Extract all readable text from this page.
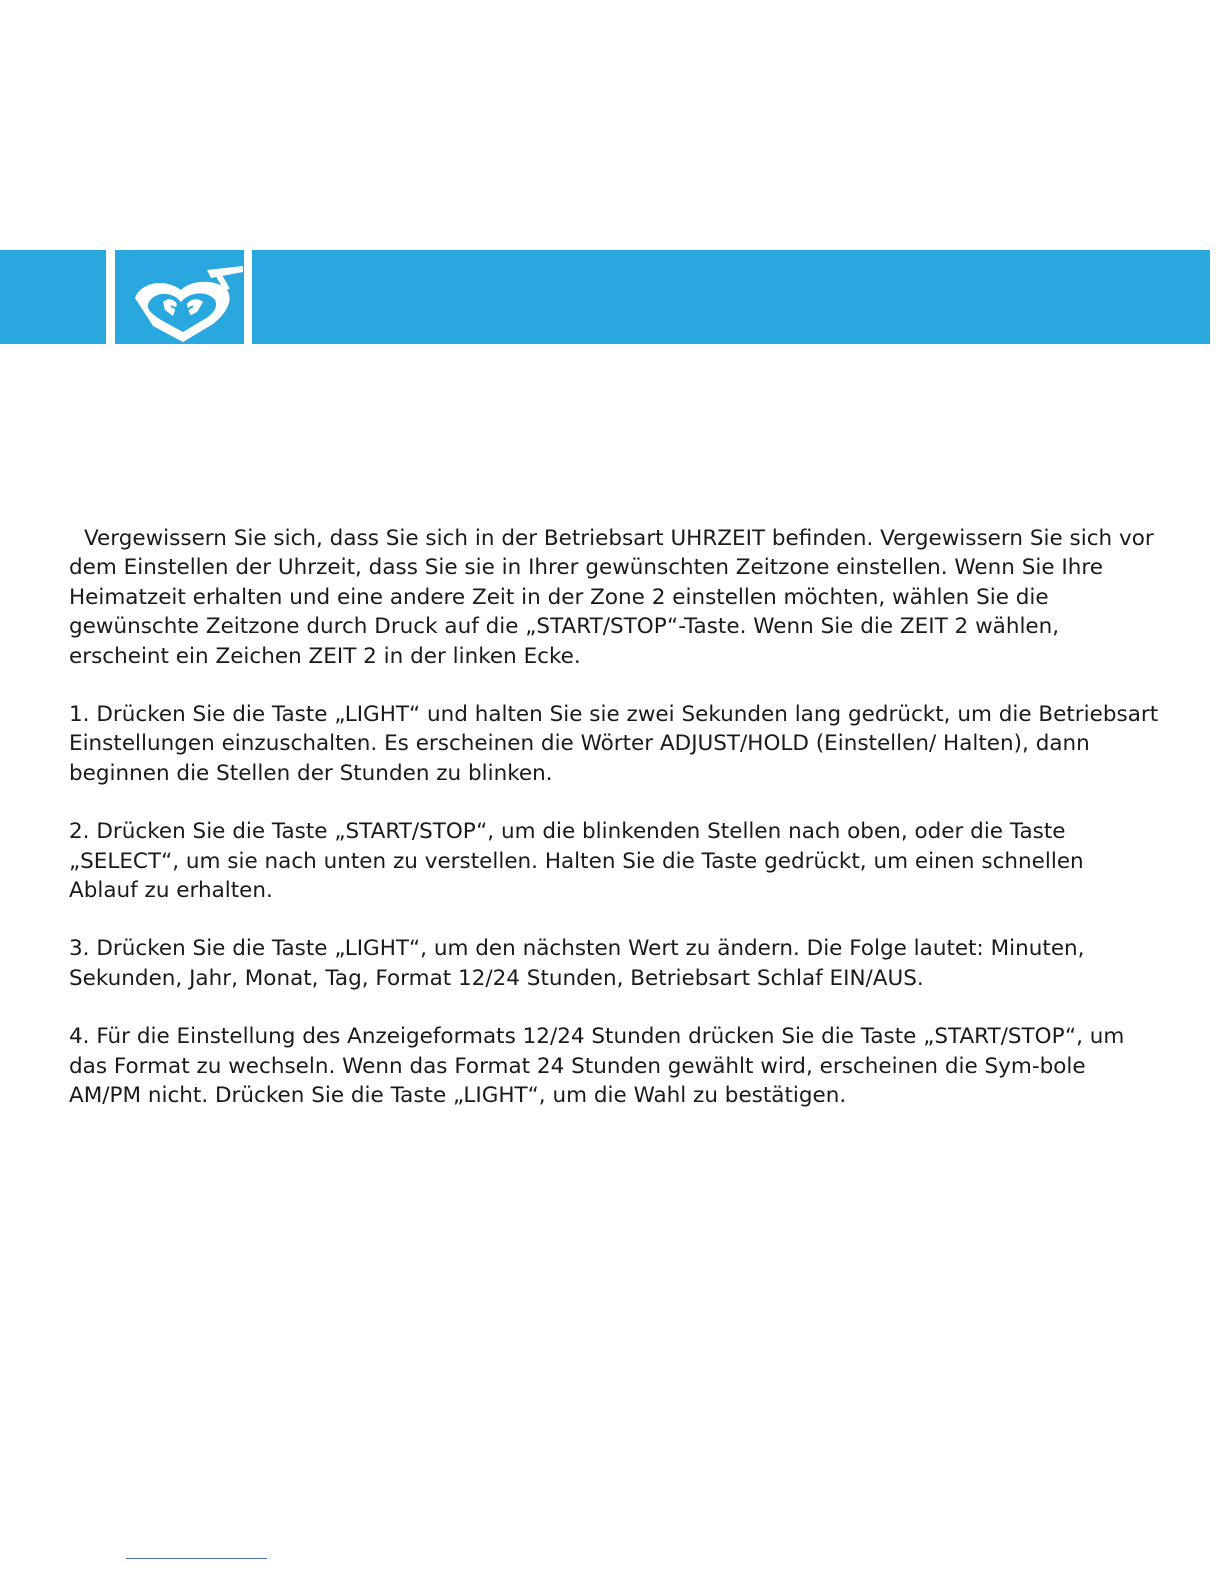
Vergewissern Sie sich, dass Sie sich in der Betriebsart UHRZEIT befinden. Vergewissern Sie sich vor dem Einstellen der Uhrzeit, dass Sie sie in Ihrer gewünschten Zeitzone einstellen. Wenn Sie Ihre Heimatzeit erhalten und eine andere Zeit in der Zone 2 einstellen möchten, wählen Sie die gewünschte Zeitzone durch Druck auf die „START/STOP“-Taste. Wenn Sie die ZEIT 2 wählen, erscheint ein Zeichen ZEIT 2 in der linken Ecke.

1. Drücken Sie die Taste „LIGHT“ und halten Sie sie zwei Sekunden lang gedrückt, um die Betriebsart Einstellungen einzuschalten. Es erscheinen die Wörter ADJUST/HOLD (Einstellen/ Halten), dann beginnen die Stellen der Stunden zu blinken.

2. Drücken Sie die Taste „START/STOP“, um die blinkenden Stellen nach oben, oder die Taste „SELECT“, um sie nach unten zu verstellen. Halten Sie die Taste gedrückt, um einen schnellen Ablauf zu erhalten.

3. Drücken Sie die Taste „LIGHT“, um den nächsten Wert zu ändern. Die Folge lautet: Minuten, Sekunden, Jahr, Monat, Tag, Format 12/24 Stunden, Betriebsart Schlaf EIN/AUS.

4. Für die Einstellung des Anzeigeformats 12/24 Stunden drücken Sie die Taste „START/STOP“, um das Format zu wechseln. Wenn das Format 24 Stunden gewählt wird, erscheinen die Sym-bole AM/PM nicht. Drücken Sie die Taste „LIGHT“, um die Wahl zu bestätigen.
